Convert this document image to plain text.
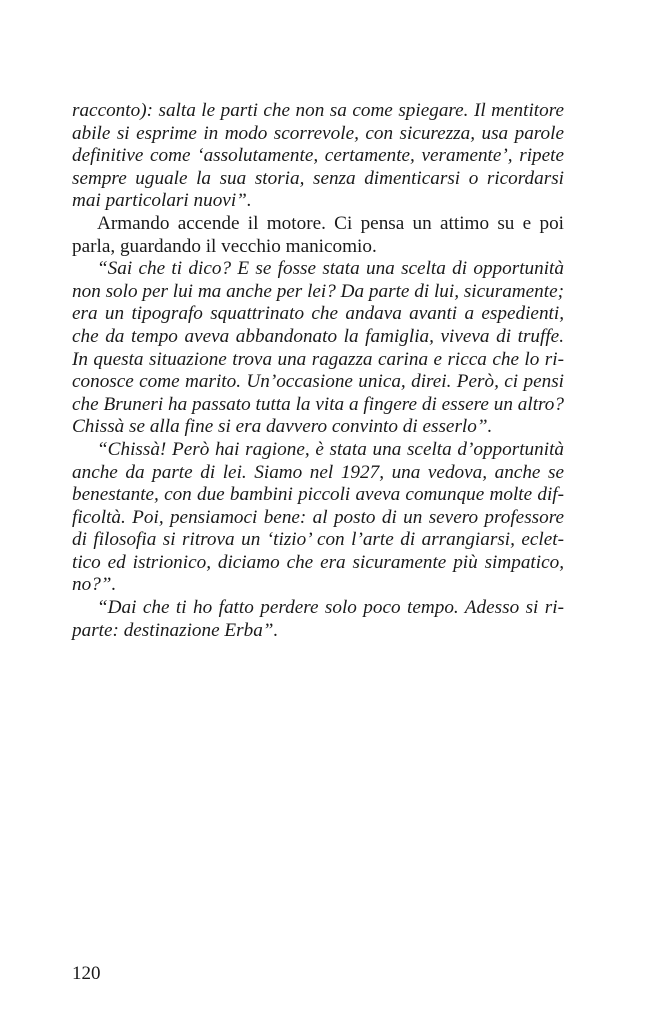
racconto): salta le parti che non sa come spiegare. Il mentitore abile si esprime in modo scorrevole, con sicurezza, usa parole definitive come ‘assolutamente, certamente, veramente’, ripete sempre uguale la sua storia, senza dimenticarsi o ricordarsi mai particolari nuovi”.

Armando accende il motore. Ci pensa un attimo su e poi parla, guardando il vecchio manicomio.

“Sai che ti dico? E se fosse stata una scelta di opportunità non solo per lui ma anche per lei? Da parte di lui, sicuramente; era un tipografo squattrinato che andava avanti a espedienti, che da tempo aveva abbandonato la famiglia, viveva di truffe. In questa situazione trova una ragazza carina e ricca che lo riconosce come marito. Un’occasione unica, direi. Però, ci pensi che Bruneri ha passato tutta la vita a fingere di essere un altro? Chissà se alla fine si era davvero convinto di esserlo”.

“Chissà! Però hai ragione, è stata una scelta d’opportunità anche da parte di lei. Siamo nel 1927, una vedova, anche se benestante, con due bambini piccoli aveva comunque molte difficoltà. Poi, pensiamoci bene: al posto di un severo professore di filosofia si ritrova un ‘tizio’ con l’arte di arrangiarsi, eclettico ed istrionico, diciamo che era sicuramente più simpatico, no?”.

“Dai che ti ho fatto perdere solo poco tempo. Adesso si riparte: destinazione Erba”.

120
